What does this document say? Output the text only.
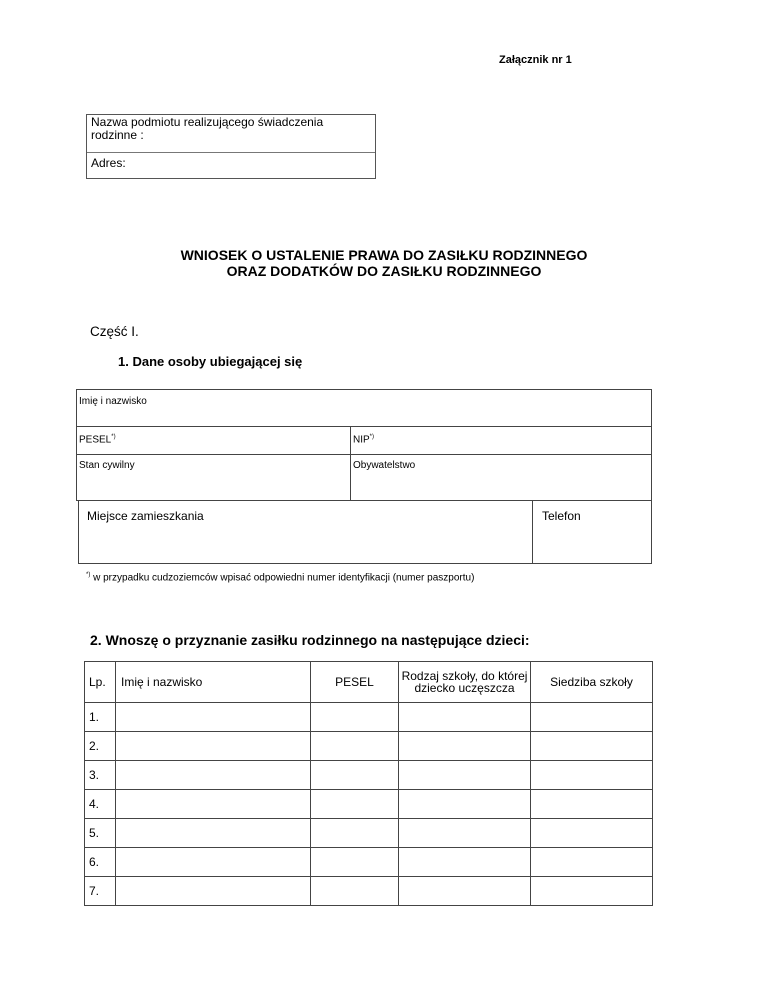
Załącznik nr 1
Nazwa podmiotu realizującego świadczenia rodzinne :
Adres:
WNIOSEK O USTALENIE PRAWA DO ZASIŁKU RODZINNEGO
ORAZ DODATKÓW DO ZASIŁKU RODZINNEGO
Część I.
1. Dane osoby ubiegającej się
Imię i nazwisko
PESEL*)	NIP*)
Stan cywilny	Obywatelstwo
Miejsce zamieszkania	Telefon
*) w przypadku cudzoziemców wpisać odpowiedni numer identyfikacji (numer paszportu)
2. Wnoszę o przyznanie zasiłku rodzinnego na następujące dzieci:
Lp.	Imię i nazwisko	PESEL	Rodzaj szkoły, do której dziecko uczęszcza	Siedziba szkoły
1.				
2.				
3.				
4.				
5.				
6.				
7.				
